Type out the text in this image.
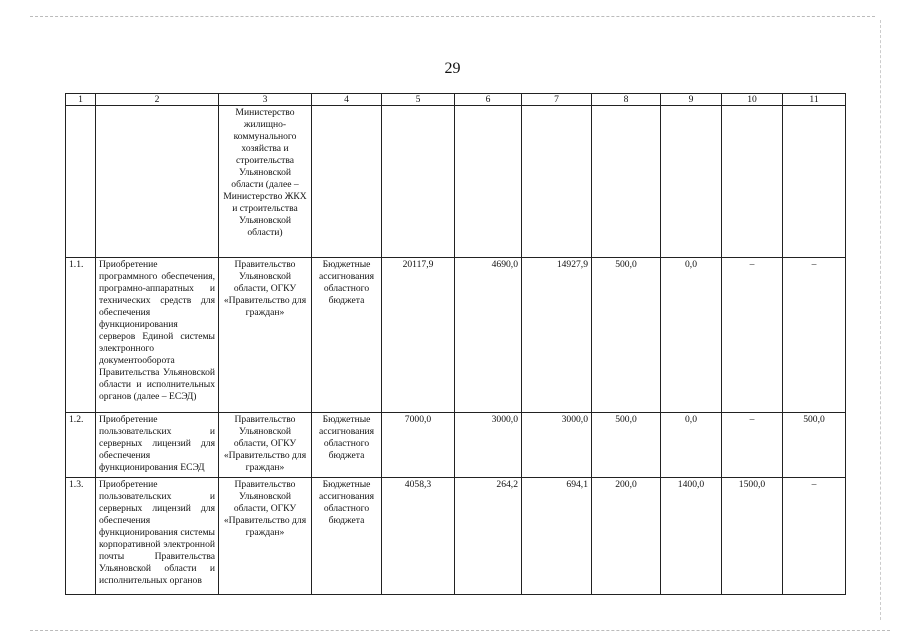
29
1	2	3	4	5	6	7	8	9	10	11
		Министерство жилищно-коммунального хозяйства и строительства Ульяновской области (далее – Министерство ЖКХ и строительства Ульяновской области)								
1.1.	Приобретение программного обеспечения, програмно-аппаратных и технических средств для обеспечения функционирования серверов Единой системы электронного документооборота Правительства Ульяновской области и исполнительных органов (далее – ЕСЭД)	Правительство Ульяновской области, ОГКУ «Правительство для граждан»	Бюджетные ассигнования областного бюджета	20117,9	4690,0	14927,9	500,0	0,0	–	–
1.2.	Приобретение пользовательских и серверных лицензий для обеспечения функционирования ЕСЭД	Правительство Ульяновской области, ОГКУ «Правительство для граждан»	Бюджетные ассигнования областного бюджета	7000,0	3000,0	3000,0	500,0	0,0	–	500,0
1.3.	Приобретение пользовательских и серверных лицензий для обеспечения функционирования системы корпоративной электронной почты Правительства Ульяновской области и исполнительных органов	Правительство Ульяновской области, ОГКУ «Правительство для граждан»	Бюджетные ассигнования областного бюджета	4058,3	264,2	694,1	200,0	1400,0	1500,0	–
